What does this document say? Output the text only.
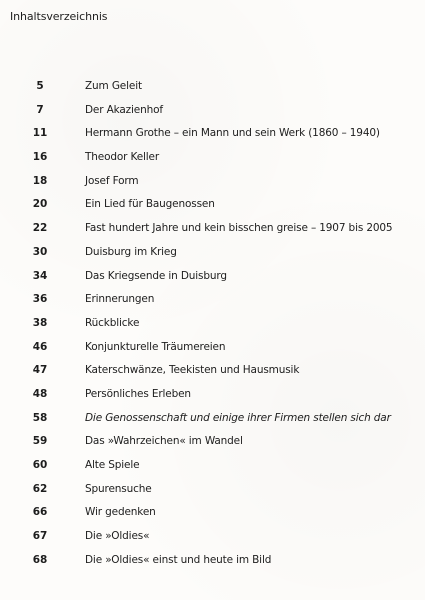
Inhaltsverzeichnis
5	Zum Geleit
7	Der Akazienhof
11	Hermann Grothe – ein Mann und sein Werk (1860 – 1940)
16	Theodor Keller
18	Josef Form
20	Ein Lied für Baugenossen
22	Fast hundert Jahre und kein bisschen greise – 1907 bis 2005
30	Duisburg im Krieg
34	Das Kriegsende in Duisburg
36	Erinnerungen
38	Rückblicke
46	Konjunkturelle Träumereien
47	Katerschwänze, Teekisten und Hausmusik
48	Persönliches Erleben
58	Die Genossenschaft und einige ihrer Firmen stellen sich dar
59	Das »Wahrzeichen« im Wandel
60	Alte Spiele
62	Spurensuche
66	Wir gedenken
67	Die »Oldies«
68	Die »Oldies« einst und heute im Bild
